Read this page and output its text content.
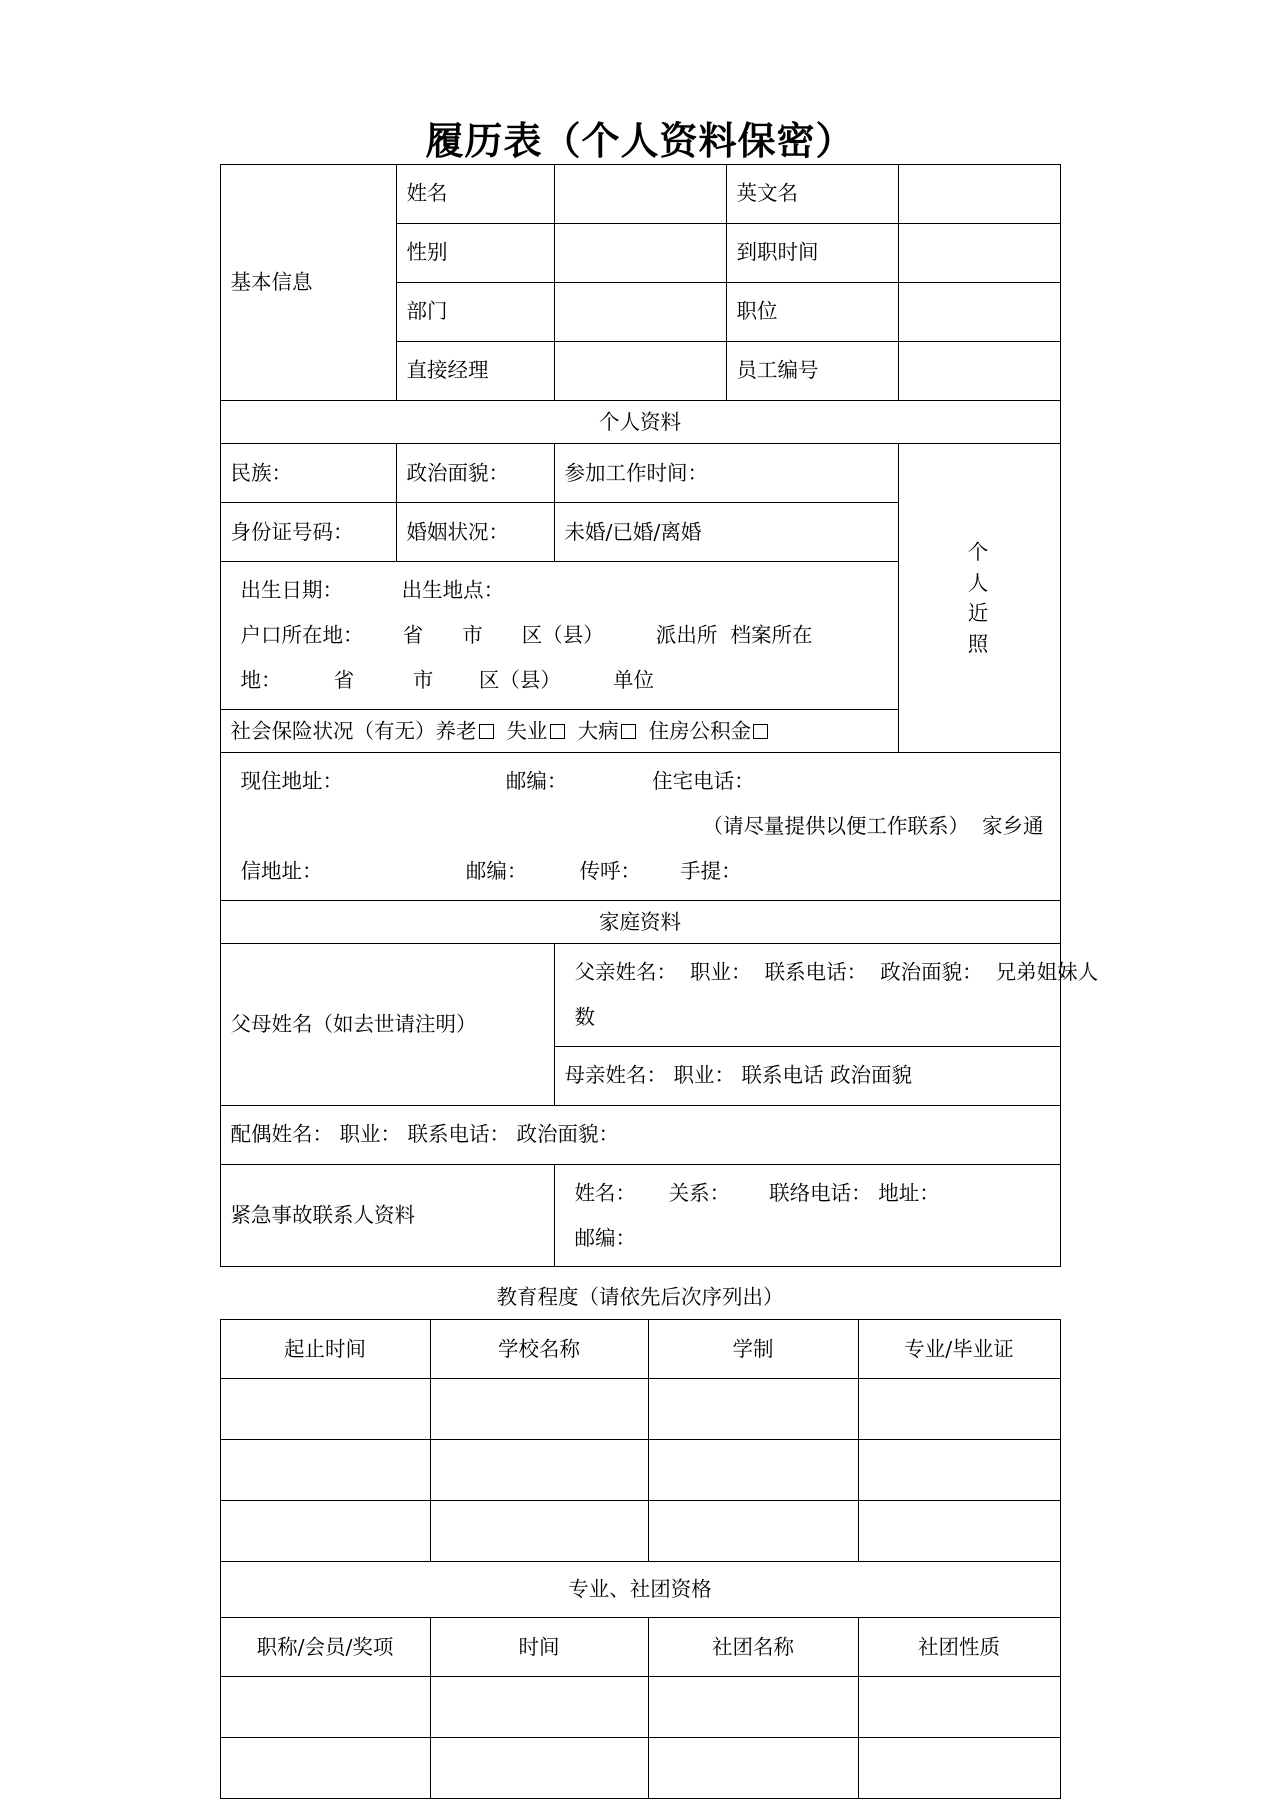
履历表（个人资料保密）
基本信息	姓名		英文名	
	性别		到职时间	
	部门		职位	
	直接经理		员工编号	
个人资料				
民族：	政治面貌：	参加工作时间：		个
人
近
照

身份证号码：	婚姻状况：	未婚/已婚/离婚		

出生日期：         出生地点：
户口所在地：      省      市      区（县）        派出所  档案所在
地：        省         市       区（县）        单位				

社会保险状况（有无）养老 失业 大病 住房公积金				

现住地址：                         邮编：             住宅电话：
（请尽量提供以便工作联系）  家乡通
信地址：                      邮编：        传呼：      手提：				

家庭资料				
父母姓名（如去世请注明）		父亲姓名：  职业：  联系电话：  政治面貌：  兄弟姐妹人
数		

		母亲姓名： 职业： 联系电话 政治面貌		
配偶姓名： 职业： 联系电话： 政治面貌：				
紧急事故联系人资料		姓名：     关系：      联络电话： 地址：
邮编：		
教育程度（请依先后次序列出）
起止时间	学校名称	学制	专业/毕业证

专业、社团资格			
职称/会员/奖项	时间	社团名称	社团性质
